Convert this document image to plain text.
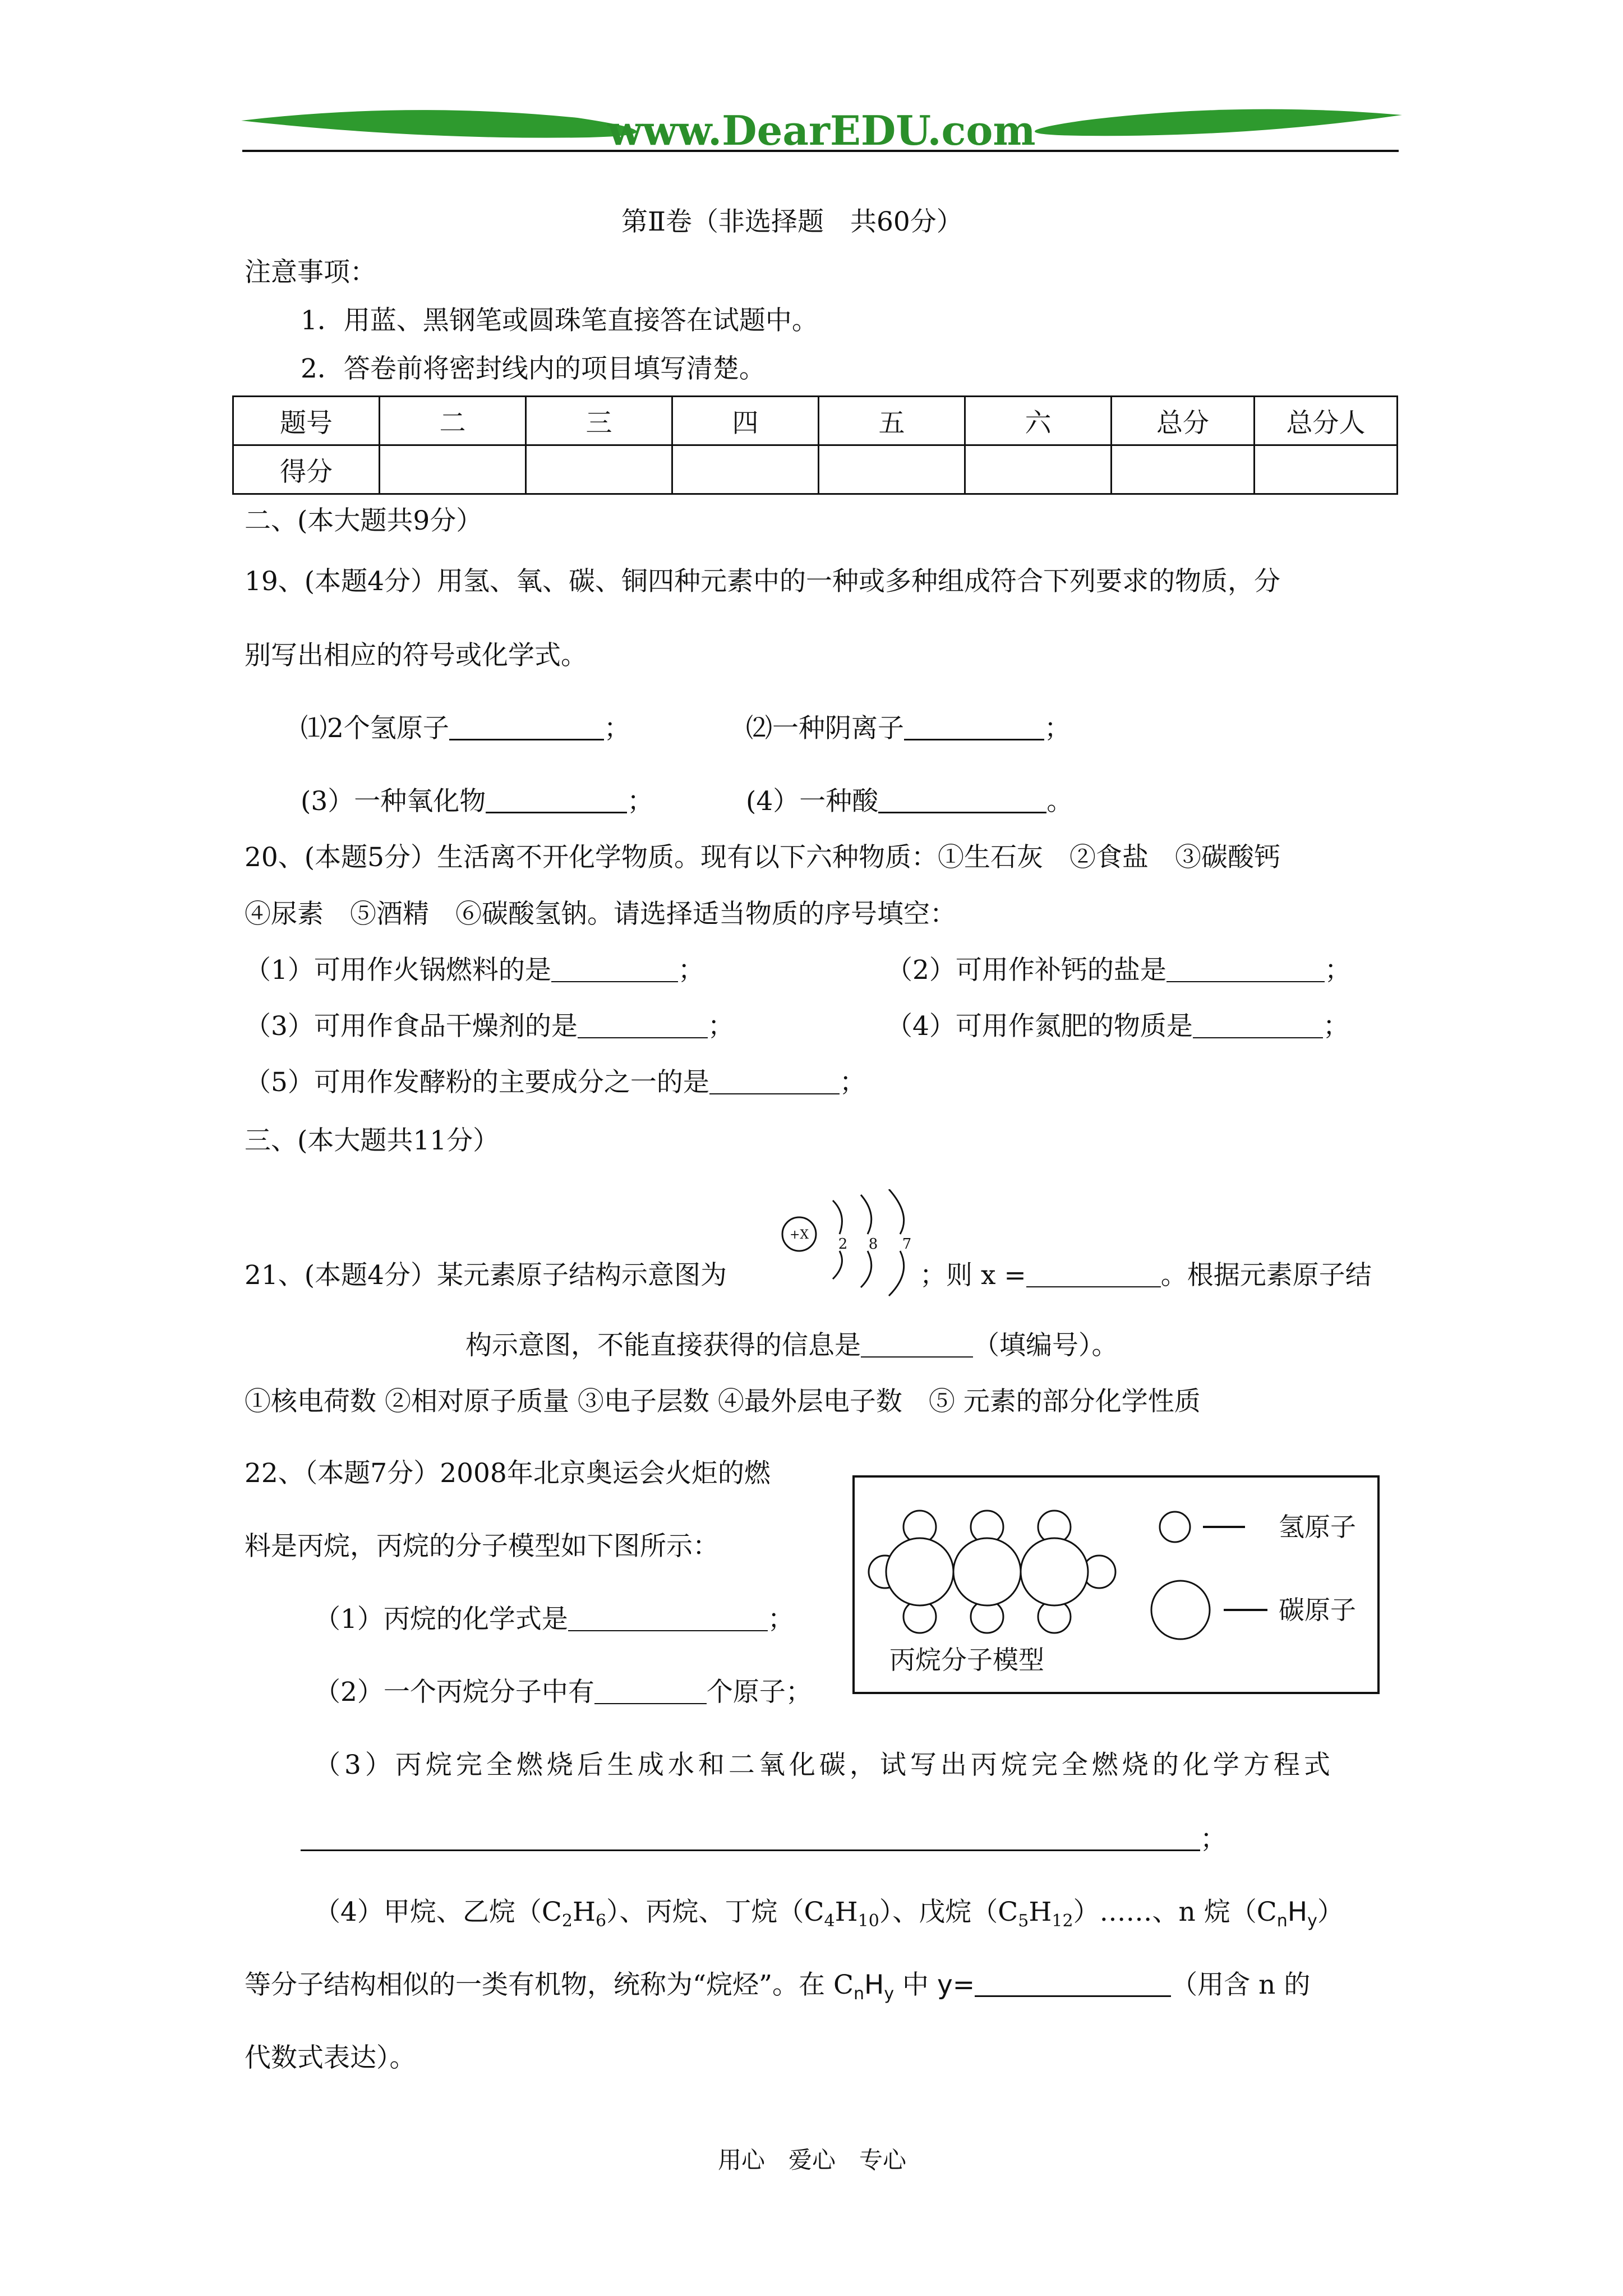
www.DearEDU.com
第Ⅱ卷（非选择题　共60分）
注意事项：
1．用蓝、黑钢笔或圆珠笔直接答在试题中。
2．答卷前将密封线内的项目填写清楚。
题号	二	三	四	五	六	总分	总分人
得分							
二、(本大题共9分）
19、(本题4分）用氢、氧、碳、铜四种元素中的一种或多种组成符合下列要求的物质，分
别写出相应的符号或化学式。
⑴2个氢原子	；	⑵一种阴离子	；
(3）一种氧化物	；	(4）一种酸	。
20、(本题5分）生活离不开化学物质。现有以下六种物质：①生石灰　②食盐　③碳酸钙
④尿素　⑤酒精　⑥碳酸氢钠。请选择适当物质的序号填空：
（1）可用作火锅燃料的是	；	（2）可用作补钙的盐是	；
（3）可用作食品干燥剂的是	；	（4）可用作氮肥的物质是	；
（5）可用作发酵粉的主要成分之一的是	；
三、(本大题共11分）
21、(本题4分）某元素原子结构示意图为
+X
2 8 7
；则 x =	。根据元素原子结
构示意图，不能直接获得的信息是	（填编号）。
①核电荷数 ②相对原子质量 ③电子层数 ④最外层电子数　⑤ 元素的部分化学性质
22、（本题7分）2008年北京奥运会火炬的燃
料是丙烷，丙烷的分子模型如下图所示：
氢原子
碳原子
丙烷分子模型
（1）丙烷的化学式是	；
（2）一个丙烷分子中有	个原子；
（3）丙烷完全燃烧后生成水和二氧化碳，试写出丙烷完全燃烧的化学方程式
；
（4）甲烷、乙烷$(C_2H_6)$、丙烷、丁烷$(C_4H_{10})$、戊烷$(C_5H_{12})\dots\dots$、n 烷$(C_nH_y)$
等分子结构相似的一类有机物，统称为“烷烃”。在 $C_nH_y$ 中 y=	（用含 n 的
代数式表达）。
用心　爱心　专心
